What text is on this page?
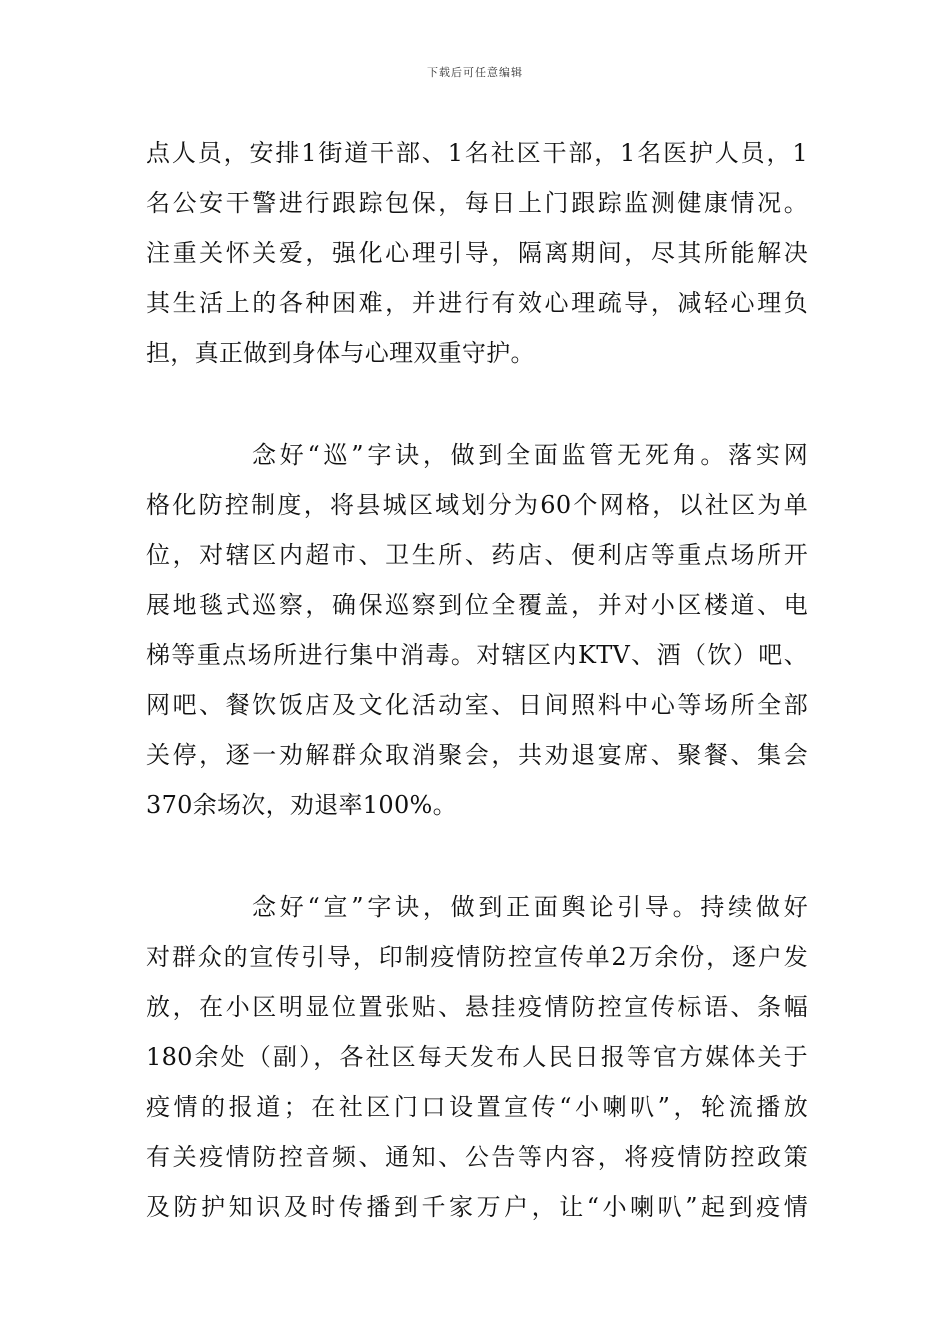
下载后可任意编辑
点人员，安排1街道干部、1名社区干部，1名医护人员，1
名公安干警进行跟踪包保，每日上门跟踪监测健康情况。
注重关怀关爱，强化心理引导，隔离期间，尽其所能解决
其生活上的各种困难，并进行有效心理疏导，减轻心理负
担，真正做到身体与心理双重守护。
念好“巡”字诀，做到全面监管无死角。落实网
格化防控制度，将县城区域划分为60个网格，以社区为单
位，对辖区内超市、卫生所、药店、便利店等重点场所开
展地毯式巡察，确保巡察到位全覆盖，并对小区楼道、电
梯等重点场所进行集中消毒。对辖区内KTV、酒（饮）吧、
网吧、餐饮饭店及文化活动室、日间照料中心等场所全部
关停，逐一劝解群众取消聚会，共劝退宴席、聚餐、集会
370余场次，劝退率100%。
念好“宣”字诀，做到正面舆论引导。持续做好
对群众的宣传引导，印制疫情防控宣传单2万余份，逐户发
放，在小区明显位置张贴、悬挂疫情防控宣传标语、条幅
180余处（副），各社区每天发布人民日报等官方媒体关于
疫情的报道；在社区门口设置宣传“小喇叭”，轮流播放
有关疫情防控音频、通知、公告等内容，将疫情防控政策
及防护知识及时传播到千家万户，让“小喇叭”起到疫情
